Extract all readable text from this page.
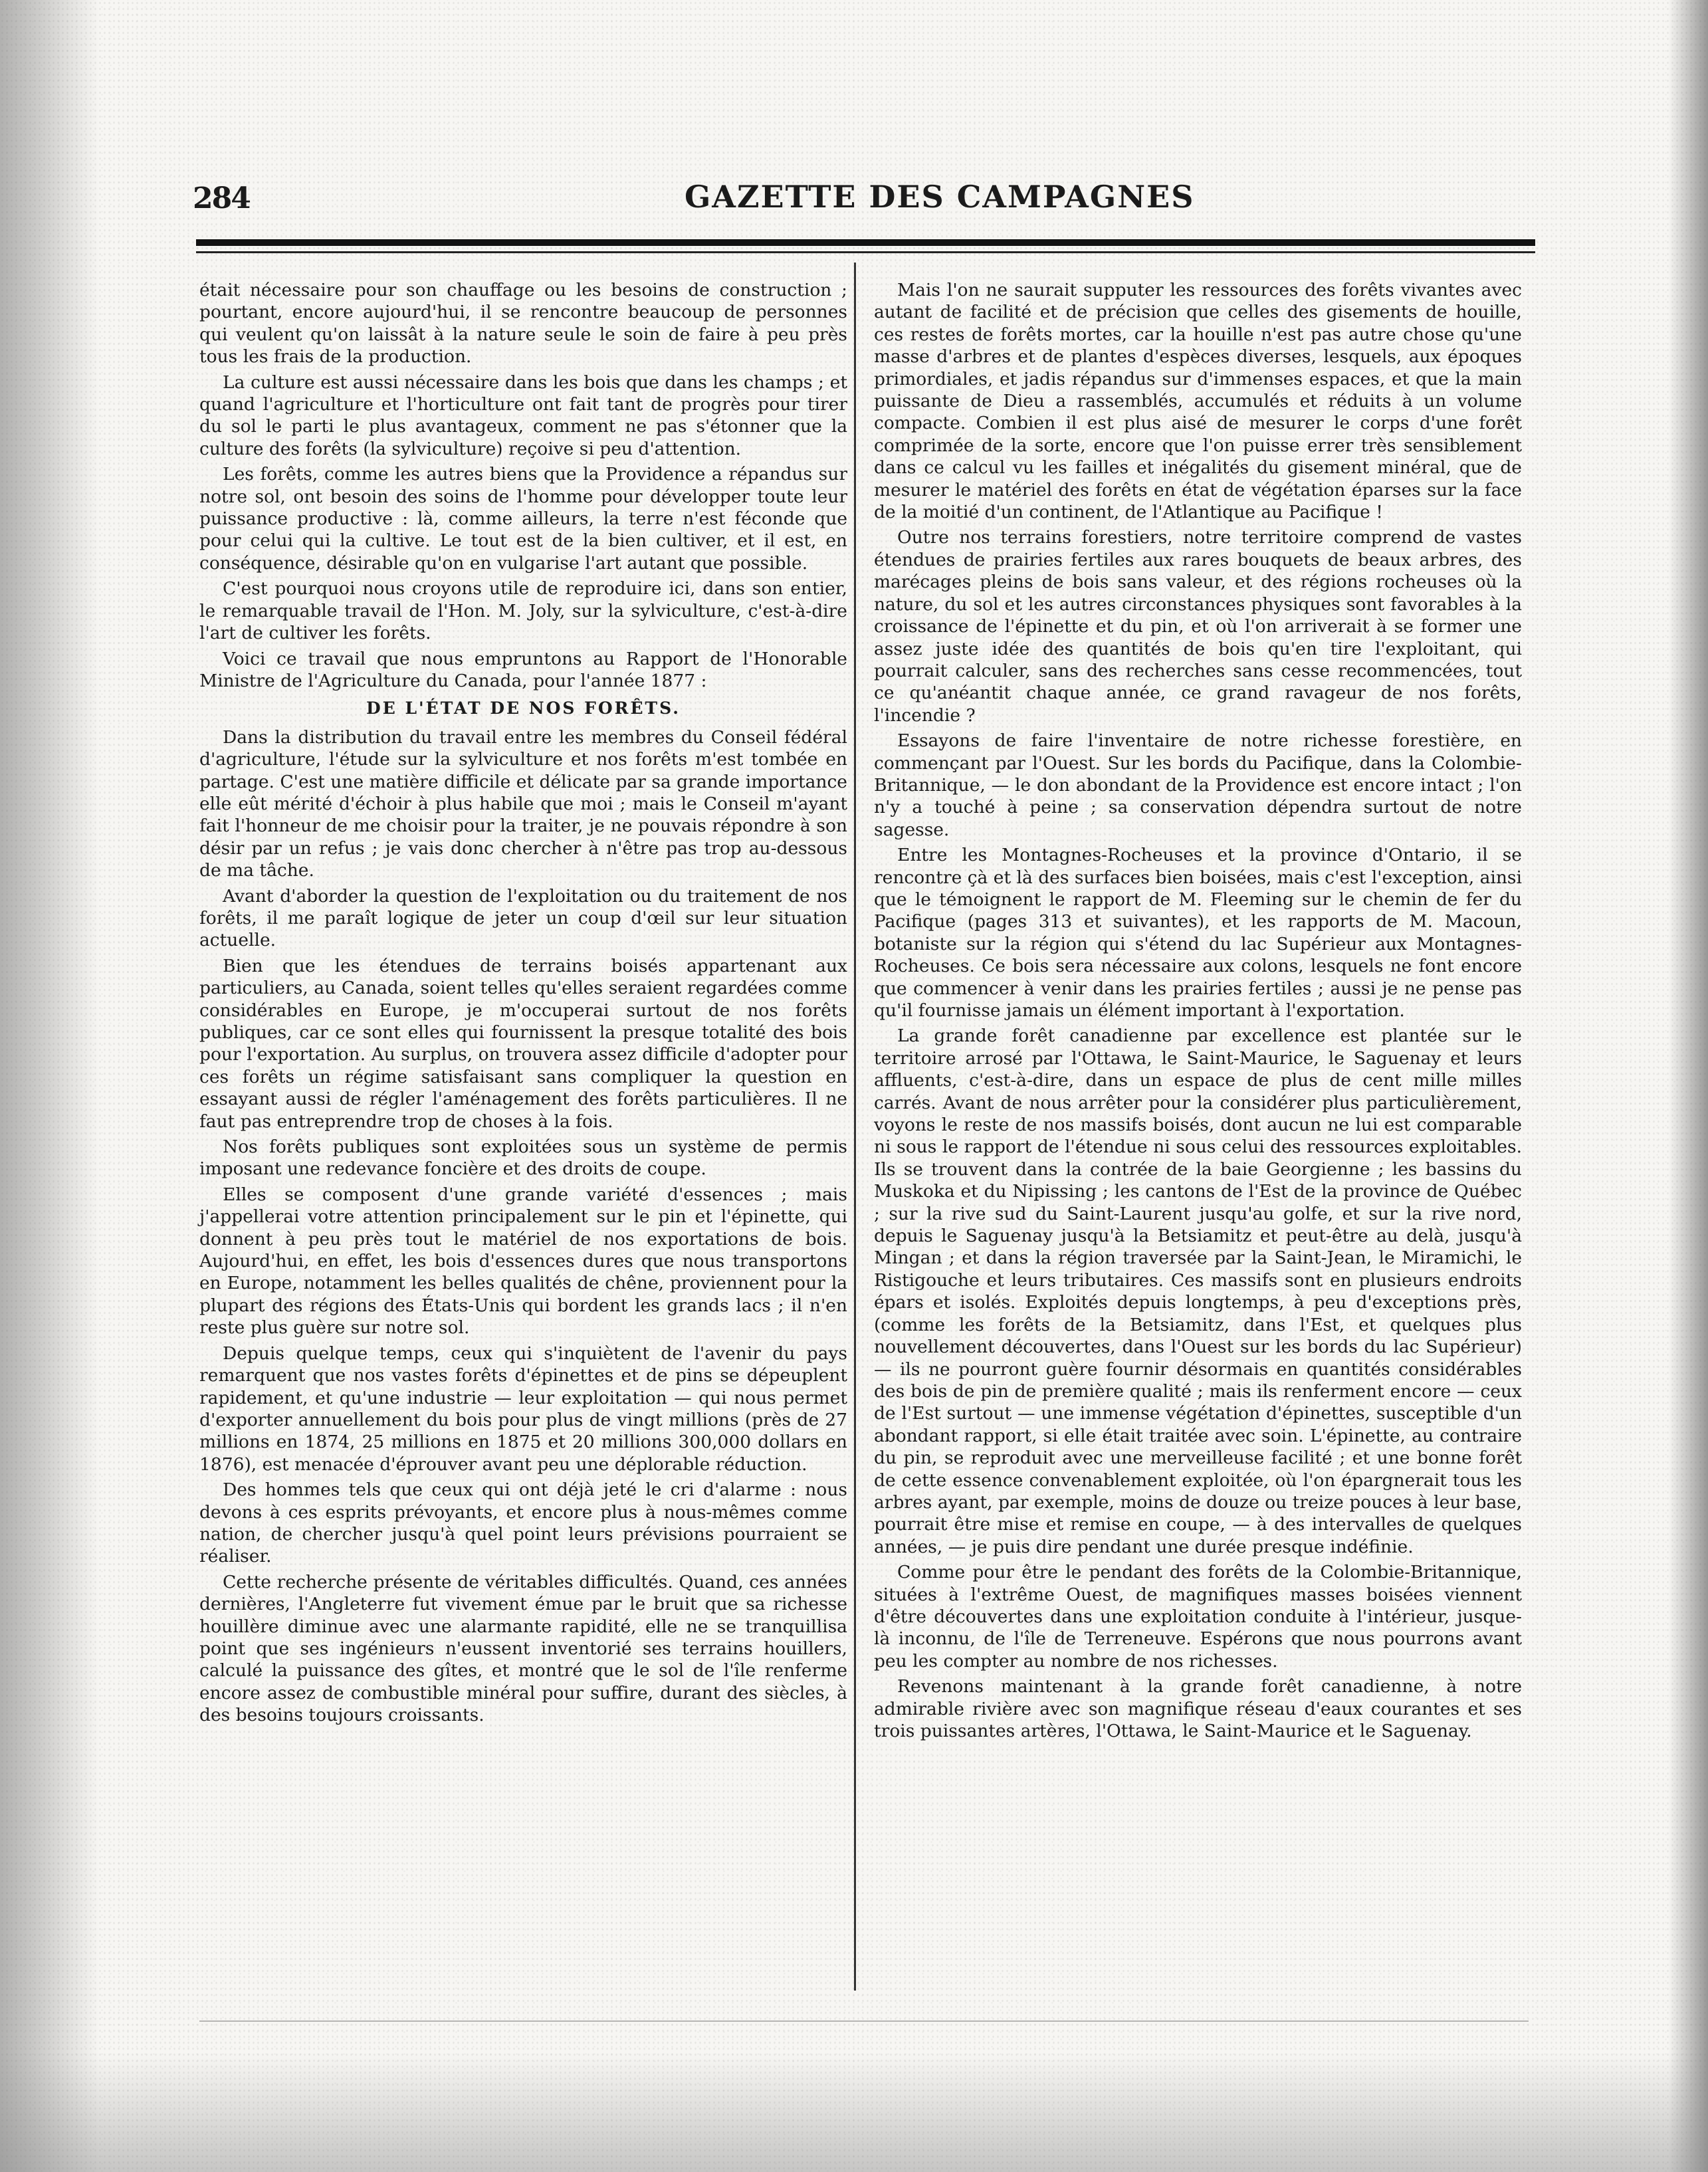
284	GAZETTE DES CAMPAGNES

était nécessaire pour son chauffage ou les besoins de construction ; pourtant, encore aujourd'hui, il se rencontre beaucoup de personnes qui veulent qu'on laissât à la nature seule le soin de faire à peu près tous les frais de la production.

La culture est aussi nécessaire dans les bois que dans les champs ; et quand l'agriculture et l'horticulture ont fait tant de progrès pour tirer du sol le parti le plus avantageux, comment ne pas s'étonner que la culture des forêts (la sylviculture) reçoive si peu d'attention.

Les forêts, comme les autres biens que la Providence a répandus sur notre sol, ont besoin des soins de l'homme pour développer toute leur puissance productive : là, comme ailleurs, la terre n'est féconde que pour celui qui la cultive. Le tout est de la bien cultiver, et il est, en conséquence, désirable qu'on en vulgarise l'art autant que possible.

C'est pourquoi nous croyons utile de reproduire ici, dans son entier, le remarquable travail de l'Hon. M. Joly, sur la sylviculture, c'est-à-dire l'art de cultiver les forêts.

Voici ce travail que nous empruntons au Rapport de l'Honorable Ministre de l'Agriculture du Canada, pour l'année 1877 :

DE L'ÉTAT DE NOS FORÊTS.

Dans la distribution du travail entre les membres du Conseil fédéral d'agriculture, l'étude sur la sylviculture et nos forêts m'est tombée en partage. C'est une matière difficile et délicate par sa grande importance elle eût mérité d'échoir à plus habile que moi ; mais le Conseil m'ayant fait l'honneur de me choisir pour la traiter, je ne pouvais répondre à son désir par un refus ; je vais donc chercher à n'être pas trop au-dessous de ma tâche.

Avant d'aborder la question de l'exploitation ou du traitement de nos forêts, il me paraît logique de jeter un coup d'œil sur leur situation actuelle.

Bien que les étendues de terrains boisés appartenant aux particuliers, au Canada, soient telles qu'elles seraient regardées comme considérables en Europe, je m'occuperai surtout de nos forêts publiques, car ce sont elles qui fournissent la presque totalité des bois pour l'exportation. Au surplus, on trouvera assez difficile d'adopter pour ces forêts un régime satisfaisant sans compliquer la question en essayant aussi de régler l'aménagement des forêts particulières. Il ne faut pas entreprendre trop de choses à la fois.

Nos forêts publiques sont exploitées sous un système de permis imposant une redevance foncière et des droits de coupe.

Elles se composent d'une grande variété d'essences ; mais j'appellerai votre attention principalement sur le pin et l'épinette, qui donnent à peu près tout le matériel de nos exportations de bois. Aujourd'hui, en effet, les bois d'essences dures que nous transportons en Europe, notamment les belles qualités de chêne, proviennent pour la plupart des régions des États-Unis qui bordent les grands lacs ; il n'en reste plus guère sur notre sol.

Depuis quelque temps, ceux qui s'inquiètent de l'avenir du pays remarquent que nos vastes forêts d'épinettes et de pins se dépeuplent rapidement, et qu'une industrie — leur exploitation — qui nous permet d'exporter annuellement du bois pour plus de vingt millions (près de 27 millions en 1874, 25 millions en 1875 et 20 millions 300,000 dollars en 1876), est menacée d'éprouver avant peu une déplorable réduction.

Des hommes tels que ceux qui ont déjà jeté le cri d'alarme : nous devons à ces esprits prévoyants, et encore plus à nous-mêmes comme nation, de chercher jusqu'à quel point leurs prévisions pourraient se réaliser.

Cette recherche présente de véritables difficultés. Quand, ces années dernières, l'Angleterre fut vivement émue par le bruit que sa richesse houillère diminue avec une alarmante rapidité, elle ne se tranquillisa point que ses ingénieurs n'eussent inventorié ses terrains houillers, calculé la puissance des gîtes, et montré que le sol de l'île renferme encore assez de combustible minéral pour suffire, durant des siècles, à des besoins toujours croissants.

Mais l'on ne saurait supputer les ressources des forêts vivantes avec autant de facilité et de précision que celles des gisements de houille, ces restes de forêts mortes, car la houille n'est pas autre chose qu'une masse d'arbres et de plantes d'espèces diverses, lesquels, aux époques primordiales, et jadis répandus sur d'immenses espaces, et que la main puissante de Dieu a rassemblés, accumulés et réduits à un volume compacte. Combien il est plus aisé de mesurer le corps d'une forêt comprimée de la sorte, encore que l'on puisse errer très sensiblement dans ce calcul vu les failles et inégalités du gisement minéral, que de mesurer le matériel des forêts en état de végétation éparses sur la face de la moitié d'un continent, de l'Atlantique au Pacifique !

Outre nos terrains forestiers, notre territoire comprend de vastes étendues de prairies fertiles aux rares bouquets de beaux arbres, des marécages pleins de bois sans valeur, et des régions rocheuses où la nature, du sol et les autres circonstances physiques sont favorables à la croissance de l'épinette et du pin, et où l'on arriverait à se former une assez juste idée des quantités de bois qu'en tire l'exploitant, qui pourrait calculer, sans des recherches sans cesse recommencées, tout ce qu'anéantit chaque année, ce grand ravageur de nos forêts, l'incendie ?

Essayons de faire l'inventaire de notre richesse forestière, en commençant par l'Ouest. Sur les bords du Pacifique, dans la Colombie-Britannique, — le don abondant de la Providence est encore intact ; l'on n'y a touché à peine ; sa conservation dépendra surtout de notre sagesse.

Entre les Montagnes-Rocheuses et la province d'Ontario, il se rencontre çà et là des surfaces bien boisées, mais c'est l'exception, ainsi que le témoignent le rapport de M. Fleeming sur le chemin de fer du Pacifique (pages 313 et suivantes), et les rapports de M. Macoun, botaniste sur la région qui s'étend du lac Supérieur aux Montagnes-Rocheuses. Ce bois sera nécessaire aux colons, lesquels ne font encore que commencer à venir dans les prairies fertiles ; aussi je ne pense pas qu'il fournisse jamais un élément important à l'exportation.

La grande forêt canadienne par excellence est plantée sur le territoire arrosé par l'Ottawa, le Saint-Maurice, le Saguenay et leurs affluents, c'est-à-dire, dans un espace de plus de cent mille milles carrés. Avant de nous arrêter pour la considérer plus particulièrement, voyons le reste de nos massifs boisés, dont aucun ne lui est comparable ni sous le rapport de l'étendue ni sous celui des ressources exploitables. Ils se trouvent dans la contrée de la baie Georgienne ; les bassins du Muskoka et du Nipissing ; les cantons de l'Est de la province de Québec ; sur la rive sud du Saint-Laurent jusqu'au golfe, et sur la rive nord, depuis le Saguenay jusqu'à la Betsiamitz et peut-être au delà, jusqu'à Mingan ; et dans la région traversée par la Saint-Jean, le Miramichi, le Ristigouche et leurs tributaires. Ces massifs sont en plusieurs endroits épars et isolés. Exploités depuis longtemps, à peu d'exceptions près, (comme les forêts de la Betsiamitz, dans l'Est, et quelques plus nouvellement découvertes, dans l'Ouest sur les bords du lac Supérieur) — ils ne pourront guère fournir désormais en quantités considérables des bois de pin de première qualité ; mais ils renferment encore — ceux de l'Est surtout — une immense végétation d'épinettes, susceptible d'un abondant rapport, si elle était traitée avec soin. L'épinette, au contraire du pin, se reproduit avec une merveilleuse facilité ; et une bonne forêt de cette essence convenablement exploitée, où l'on épargnerait tous les arbres ayant, par exemple, moins de douze ou treize pouces à leur base, pourrait être mise et remise en coupe, — à des intervalles de quelques années, — je puis dire pendant une durée presque indéfinie.

Comme pour être le pendant des forêts de la Colombie-Britannique, situées à l'extrême Ouest, de magnifiques masses boisées viennent d'être découvertes dans une exploitation conduite à l'intérieur, jusque-là inconnu, de l'île de Terreneuve. Espérons que nous pourrons avant peu les compter au nombre de nos richesses.

Revenons maintenant à la grande forêt canadienne, à notre admirable rivière avec son magnifique réseau d'eaux courantes et ses trois puissantes artères, l'Ottawa, le Saint-Maurice et le Saguenay.
